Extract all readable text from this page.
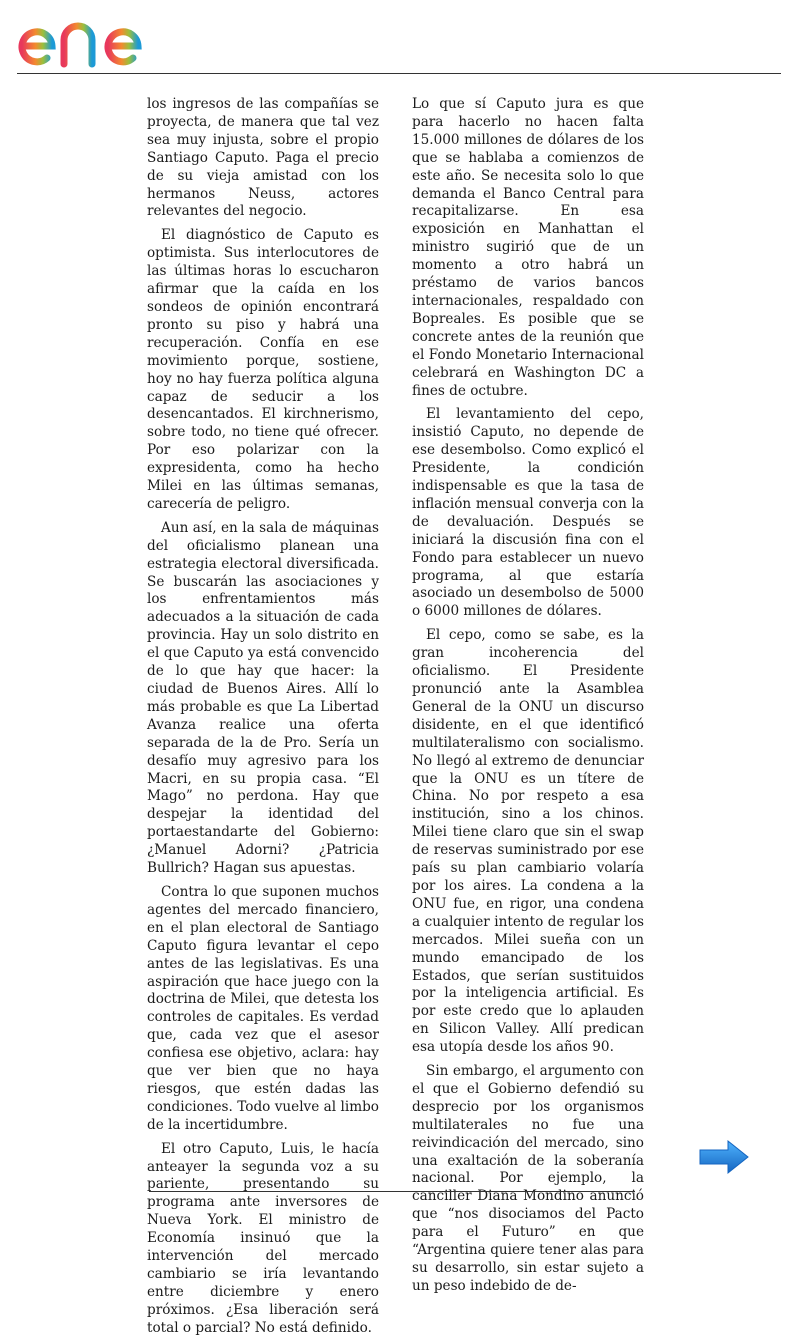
los ingresos de las compañías se proyecta, de manera que tal vez sea muy injusta, sobre el propio Santiago Caputo. Paga el precio de su vieja amistad con los hermanos Neuss, actores relevantes del negocio.

El diagnóstico de Caputo es optimista. Sus interlocutores de las últimas horas lo escucharon afirmar que la caída en los sondeos de opinión encontrará pronto su piso y habrá una recuperación. Confía en ese movimiento porque, sostiene, hoy no hay fuerza política alguna capaz de seducir a los desencantados. El kirchnerismo, sobre todo, no tiene qué ofrecer. Por eso polarizar con la expresidenta, como ha hecho Milei en las últimas semanas, carecería de peligro.

Aun así, en la sala de máquinas del oficialismo planean una estrategia electoral diversificada. Se buscarán las asociaciones y los enfrentamientos más adecuados a la situación de cada provincia. Hay un solo distrito en el que Caputo ya está convencido de lo que hay que hacer: la ciudad de Buenos Aires. Allí lo más probable es que La Libertad Avanza realice una oferta separada de la de Pro. Sería un desafío muy agresivo para los Macri, en su propia casa. “El Mago” no perdona. Hay que despejar la identidad del portaestandarte del Gobierno: ¿Manuel Adorni? ¿Patricia Bullrich? Hagan sus apuestas.

Contra lo que suponen muchos agentes del mercado financiero, en el plan electoral de Santiago Caputo figura levantar el cepo antes de las legislativas. Es una aspiración que hace juego con la doctrina de Milei, que detesta los controles de capitales. Es verdad que, cada vez que el asesor confiesa ese objetivo, aclara: hay que ver bien que no haya riesgos, que estén dadas las condiciones. Todo vuelve al limbo de la incertidumbre.

El otro Caputo, Luis, le hacía anteayer la segunda voz a su pariente, presentando su programa ante inversores de Nueva York. El ministro de Economía insinuó que la intervención del mercado cambiario se iría levantando entre diciembre y enero próximos. ¿Esa liberación será total o parcial? No está definido.

Lo que sí Caputo jura es que para hacerlo no hacen falta 15.000 millones de dólares de los que se hablaba a comienzos de este año. Se necesita solo lo que demanda el Banco Central para recapitalizarse. En esa exposición en Manhattan el ministro sugirió que de un momento a otro habrá un préstamo de varios bancos internacionales, respaldado con Bopreales. Es posible que se concrete antes de la reunión que el Fondo Monetario Internacional celebrará en Washington DC a fines de octubre.

El levantamiento del cepo, insistió Caputo, no depende de ese desembolso. Como explicó el Presidente, la condición indispensable es que la tasa de inflación mensual converja con la de devaluación. Después se iniciará la discusión fina con el Fondo para establecer un nuevo programa, al que estaría asociado un desembolso de 5000 o 6000 millones de dólares.

El cepo, como se sabe, es la gran incoherencia del oficialismo. El Presidente pronunció ante la Asamblea General de la ONU un discurso disidente, en el que identificó multilateralismo con socialismo. No llegó al extremo de denunciar que la ONU es un títere de China. No por respeto a esa institución, sino a los chinos. Milei tiene claro que sin el swap de reservas suministrado por ese país su plan cambiario volaría por los aires. La condena a la ONU fue, en rigor, una condena a cualquier intento de regular los mercados. Milei sueña con un mundo emancipado de los Estados, que serían sustituidos por la inteligencia artificial. Es por este credo que lo aplauden en Silicon Valley. Allí predican esa utopía desde los años 90.

Sin embargo, el argumento con el que el Gobierno defendió su desprecio por los organismos multilaterales no fue una reivindicación del mercado, sino una exaltación de la soberanía nacional. Por ejemplo, la canciller Diana Mondino anunció que “nos disociamos del Pacto para el Futuro” en que “Argentina quiere tener alas para su desarrollo, sin estar sujeto a un peso indebido de de-
